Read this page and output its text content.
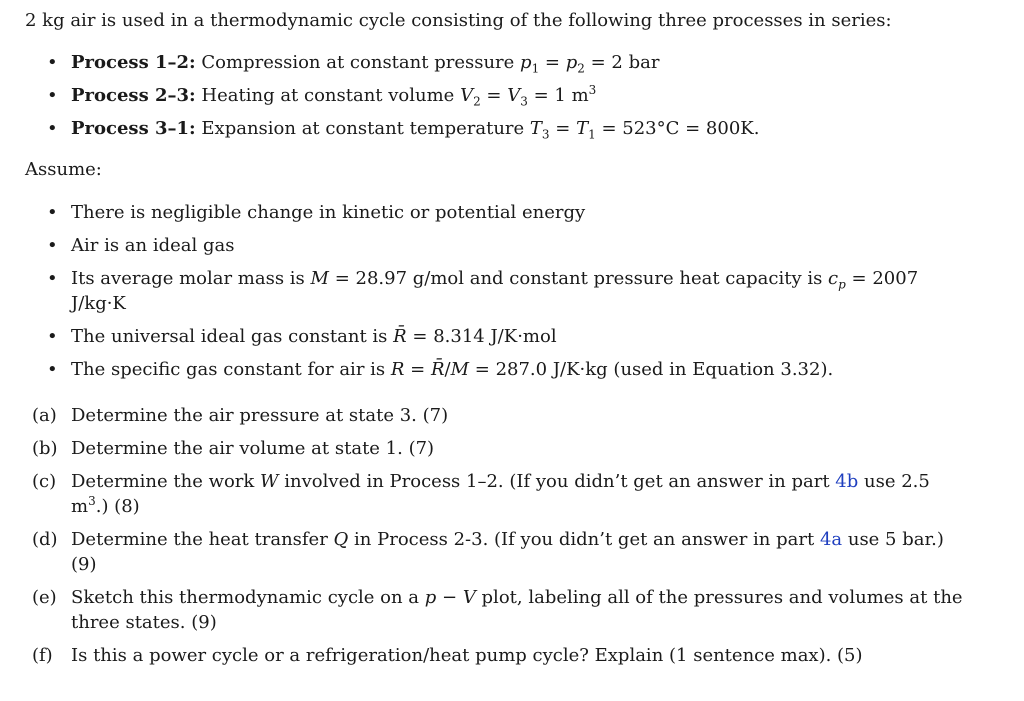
2 kg air is used in a thermodynamic cycle consisting of the following three processes in series:
• Process 1–2: Compression at constant pressure $p_1 = p_2 = 2$ bar
• Process 2–3: Heating at constant volume $V_2 = V_3 = 1$ $m^3$
• Process 3–1: Expansion at constant temperature $T_3 = T_1 = 523^\circ C = 800K$.
Assume:
• There is negligible change in kinetic or potential energy
• Air is an ideal gas
• Its average molar mass is M = 28.97 g/mol and constant pressure heat capacity is $c_p = 2007$
J/kg·K
• The universal ideal gas constant is R̄ = 8.314 J/K·mol
• The specific gas constant for air is R = R̄/M = 287.0 J/K·kg (used in Equation 3.32).
(a) Determine the air pressure at state 3. (7)
(b) Determine the air volume at state 1. (7)
(c) Determine the work W involved in Process 1–2. (If you didn’t get an answer in part 4b use 2.5
$m^3$.) (8)
(d) Determine the heat transfer Q in Process 2-3. (If you didn’t get an answer in part 4a use 5 bar.)
(9)
(e) Sketch this thermodynamic cycle on a p − V plot, labeling all of the pressures and volumes at the
three states. (9)
(f) Is this a power cycle or a refrigeration/heat pump cycle? Explain (1 sentence max). (5)
